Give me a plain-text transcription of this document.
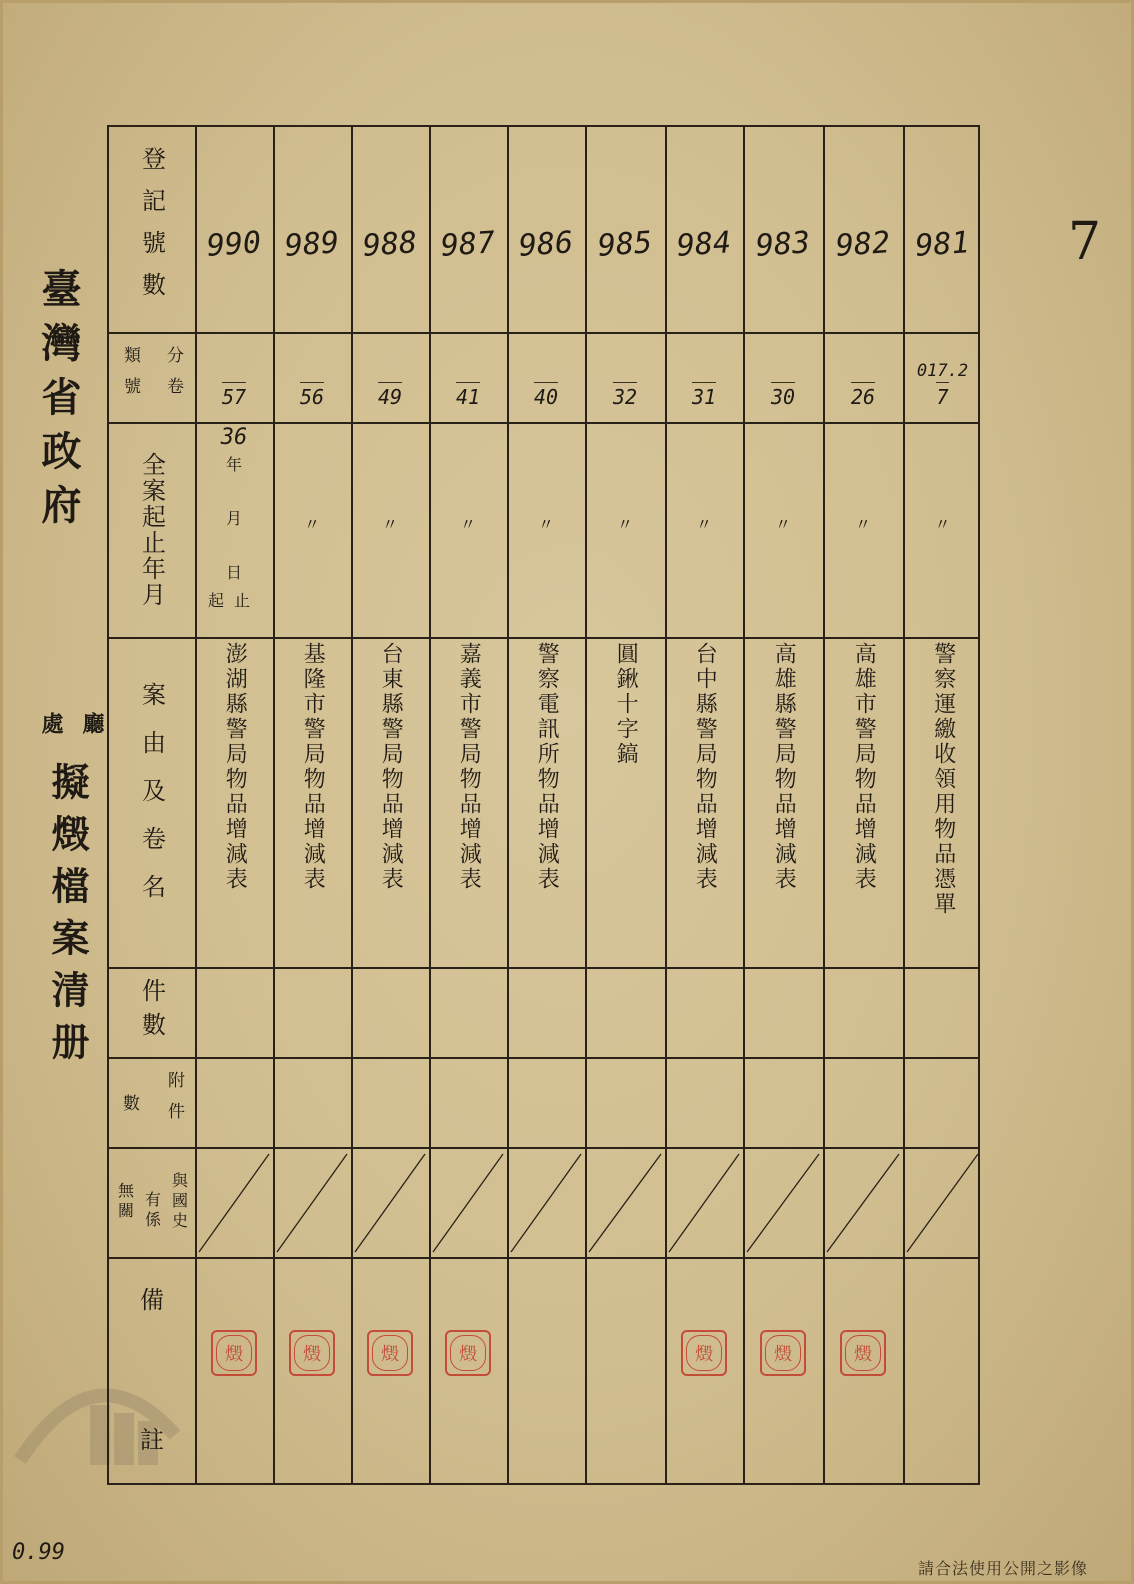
臺灣省政府
處 廳
擬燬檔案清册
登記號數
類號 分卷
全案起止年月
案由及卷名
件數
數 附件
無關 有係 與國史
備
註
36
年
月
日
起止
990
57
澎湖縣警局物品增減表
燬
989
56
〃
基隆市警局物品增減表
燬
988
49
〃
台東縣警局物品增減表
燬
987
41
〃
嘉義市警局物品增減表
燬
986
40
〃
警察電訊所物品增減表
985
32
〃
圓鍬十字鎬
984
31
〃
台中縣警局物品增減表
燬
983
30
〃
高雄縣警局物品增減表
燬
982
26
〃
高雄市警局物品增減表
燬
981
017.2
7
〃
警察運繳收領用物品憑單
7
0.99
請合法使用公開之影像
